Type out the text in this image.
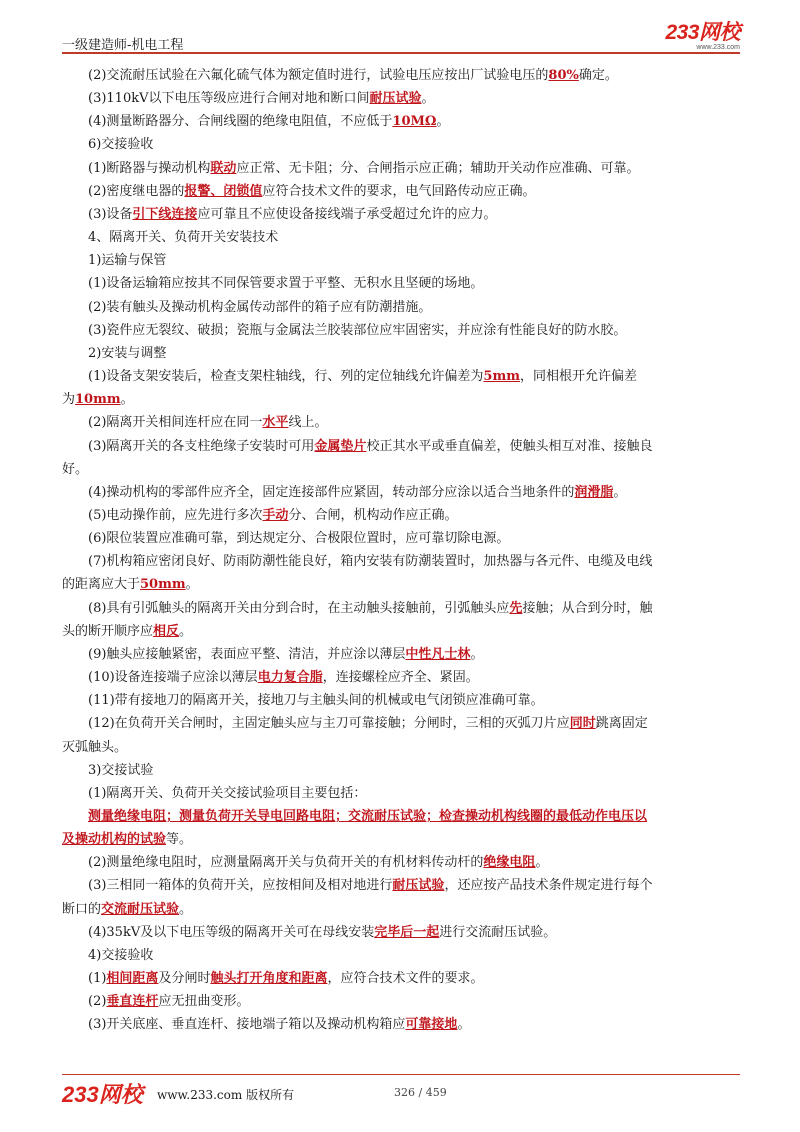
一级建造师-机电工程
233网校
www.233.com
(2)交流耐压试验在六氟化硫气体为额定值时进行，试验电压应按出厂试验电压的80%确定。
(3)110kV以下电压等级应进行合闸对地和断口间耐压试验。
(4)测量断路器分、合闸线圈的绝缘电阻值，不应低于10MΩ。
6)交接验收
(1)断路器与操动机构联动应正常、无卡阻；分、合闸指示应正确；辅助开关动作应准确、可靠。
(2)密度继电器的报警、闭锁值应符合技术文件的要求，电气回路传动应正确。
(3)设备引下线连接应可靠且不应使设备接线端子承受超过允许的应力。
4、隔离开关、负荷开关安装技术
1)运输与保管
(1)设备运输箱应按其不同保管要求置于平整、无积水且坚硬的场地。
(2)装有触头及操动机构金属传动部件的箱子应有防潮措施。
(3)瓷件应无裂纹、破损；瓷瓶与金属法兰胶装部位应牢固密实，并应涂有性能良好的防水胶。
2)安装与调整
(1)设备支架安装后，检查支架柱轴线，行、列的定位轴线允许偏差为5mm，同相根开允许偏差
为10mm。
(2)隔离开关相间连杆应在同一水平线上。
(3)隔离开关的各支柱绝缘子安装时可用金属垫片校正其水平或垂直偏差，使触头相互对准、接触良
好。
(4)操动机构的零部件应齐全，固定连接部件应紧固，转动部分应涂以适合当地条件的润滑脂。
(5)电动操作前，应先进行多次手动分、合闸，机构动作应正确。
(6)限位装置应准确可靠，到达规定分、合极限位置时，应可靠切除电源。
(7)机构箱应密闭良好、防雨防潮性能良好，箱内安装有防潮装置时，加热器与各元件、电缆及电线
的距离应大于50mm。
(8)具有引弧触头的隔离开关由分到合时，在主动触头接触前，引弧触头应先接触；从合到分时，触
头的断开顺序应相反。
(9)触头应接触紧密，表面应平整、清洁，并应涂以薄层中性凡士林。
(10)设备连接端子应涂以薄层电力复合脂，连接螺栓应齐全、紧固。
(11)带有接地刀的隔离开关，接地刀与主触头间的机械或电气闭锁应准确可靠。
(12)在负荷开关合闸时，主固定触头应与主刀可靠接触；分闸时，三相的灭弧刀片应同时跳离固定
灭弧触头。
3)交接试验
(1)隔离开关、负荷开关交接试验项目主要包括：
测量绝缘电阻；测量负荷开关导电回路电阻；交流耐压试验；检查操动机构线圈的最低动作电压以
及操动机构的试验等。
(2)测量绝缘电阻时，应测量隔离开关与负荷开关的有机材料传动杆的绝缘电阻。
(3)三相同一箱体的负荷开关，应按相间及相对地进行耐压试验，还应按产品技术条件规定进行每个
断口的交流耐压试验。
(4)35kV及以下电压等级的隔离开关可在母线安装完毕后一起进行交流耐压试验。
4)交接验收
(1)相间距离及分闸时触头打开角度和距离，应符合技术文件的要求。
(2)垂直连杆应无扭曲变形。
(3)开关底座、垂直连杆、接地端子箱以及操动机构箱应可靠接地。
233网校 www.233.com 版权所有	326 / 459
